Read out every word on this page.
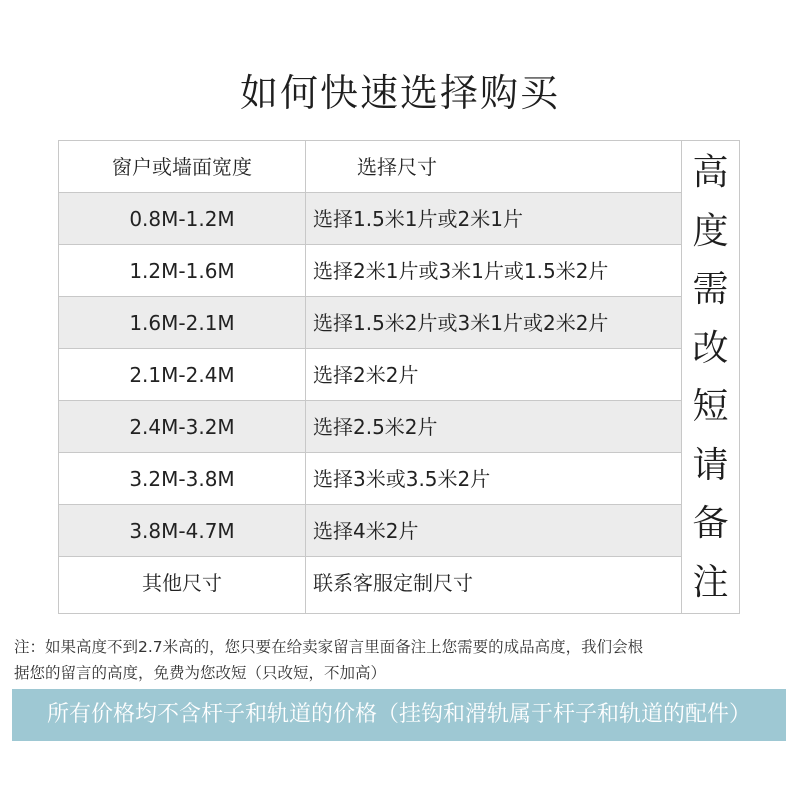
如何快速选择购买
窗户或墙面宽度	选择尺寸
0.8M-1.2M	选择1.5米1片或2米1片
1.2M-1.6M	选择2米1片或3米1片或1.5米2片
1.6M-2.1M	选择1.5米2片或3米1片或2米2片
2.1M-2.4M	选择2米2片
2.4M-3.2M	选择2.5米2片
3.2M-3.8M	选择3米或3.5米2片
3.8M-4.7M	选择4米2片
其他尺寸	联系客服定制尺寸
高
度
需
改
短
请
备
注
注：如果高度不到2.7米高的，您只要在给卖家留言里面备注上您需要的成品高度，我们会根
据您的留言的高度，免费为您改短（只改短，不加高）
所有价格均不含杆子和轨道的价格（挂钩和滑轨属于杆子和轨道的配件）
